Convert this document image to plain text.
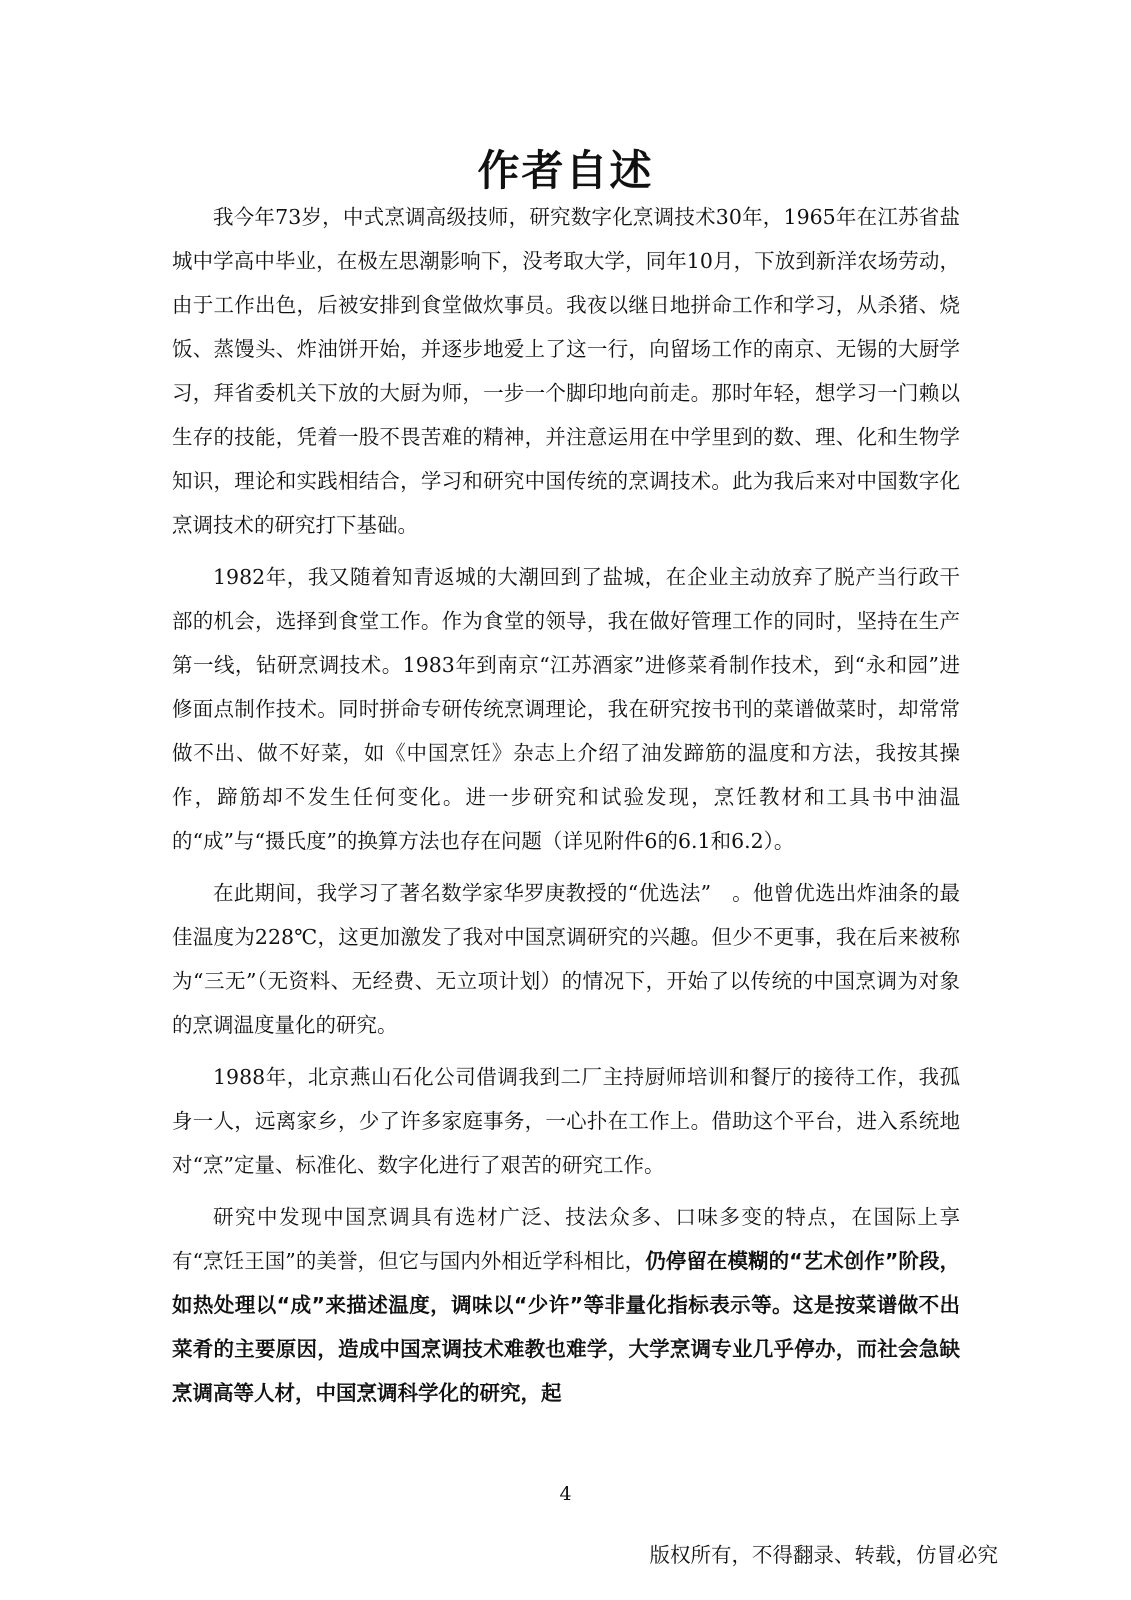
作者自述

我今年73岁，中式烹调高级技师，研究数字化烹调技术30年，1965年在江苏省盐城中学高中毕业，在极左思潮影响下，没考取大学，同年10月，下放到新洋农场劳动，由于工作出色，后被安排到食堂做炊事员。我夜以继日地拼命工作和学习，从杀猪、烧饭、蒸馒头、炸油饼开始，并逐步地爱上了这一行，向留场工作的南京、无锡的大厨学习，拜省委机关下放的大厨为师，一步一个脚印地向前走。那时年轻，想学习一门赖以生存的技能，凭着一股不畏苦难的精神，并注意运用在中学里到的数、理、化和生物学知识，理论和实践相结合，学习和研究中国传统的烹调技术。此为我后来对中国数字化烹调技术的研究打下基础。

1982年，我又随着知青返城的大潮回到了盐城，在企业主动放弃了脱产当行政干部的机会，选择到食堂工作。作为食堂的领导，我在做好管理工作的同时，坚持在生产第一线，钻研烹调技术。1983年到南京“江苏酒家”进修菜肴制作技术，到“永和园”进修面点制作技术。同时拼命专研传统烹调理论，我在研究按书刊的菜谱做菜时，却常常做不出、做不好菜，如《中国烹饪》杂志上介绍了油发蹄筋的温度和方法，我按其操作，蹄筋却不发生任何变化。进一步研究和试验发现，烹饪教材和工具书中油温的“成”与“摄氏度”的换算方法也存在问题（详见附件6的6.1和6.2）。

在此期间，我学习了著名数学家华罗庚教授的“优选法”　。他曾优选出炸油条的最佳温度为228℃，这更加激发了我对中国烹调研究的兴趣。但少不更事，我在后来被称为“三无”（无资料、无经费、无立项计划）的情况下，开始了以传统的中国烹调为对象的烹调温度量化的研究。

1988年，北京燕山石化公司借调我到二厂主持厨师培训和餐厅的接待工作，我孤身一人，远离家乡，少了许多家庭事务，一心扑在工作上。借助这个平台，进入系统地对“烹”定量、标准化、数字化进行了艰苦的研究工作。

研究中发现中国烹调具有选材广泛、技法众多、口味多变的特点，在国际上享有“烹饪王国”的美誉，但它与国内外相近学科相比，仍停留在模糊的“艺术创作”阶段，如热处理以“成”来描述温度，调味以“少许”等非量化指标表示等。这是按菜谱做不出菜肴的主要原因，造成中国烹调技术难教也难学，大学烹调专业几乎停办，而社会急缺烹调高等人材，中国烹调科学化的研究，起

4
版权所有，不得翻录、转载，仿冒必究
